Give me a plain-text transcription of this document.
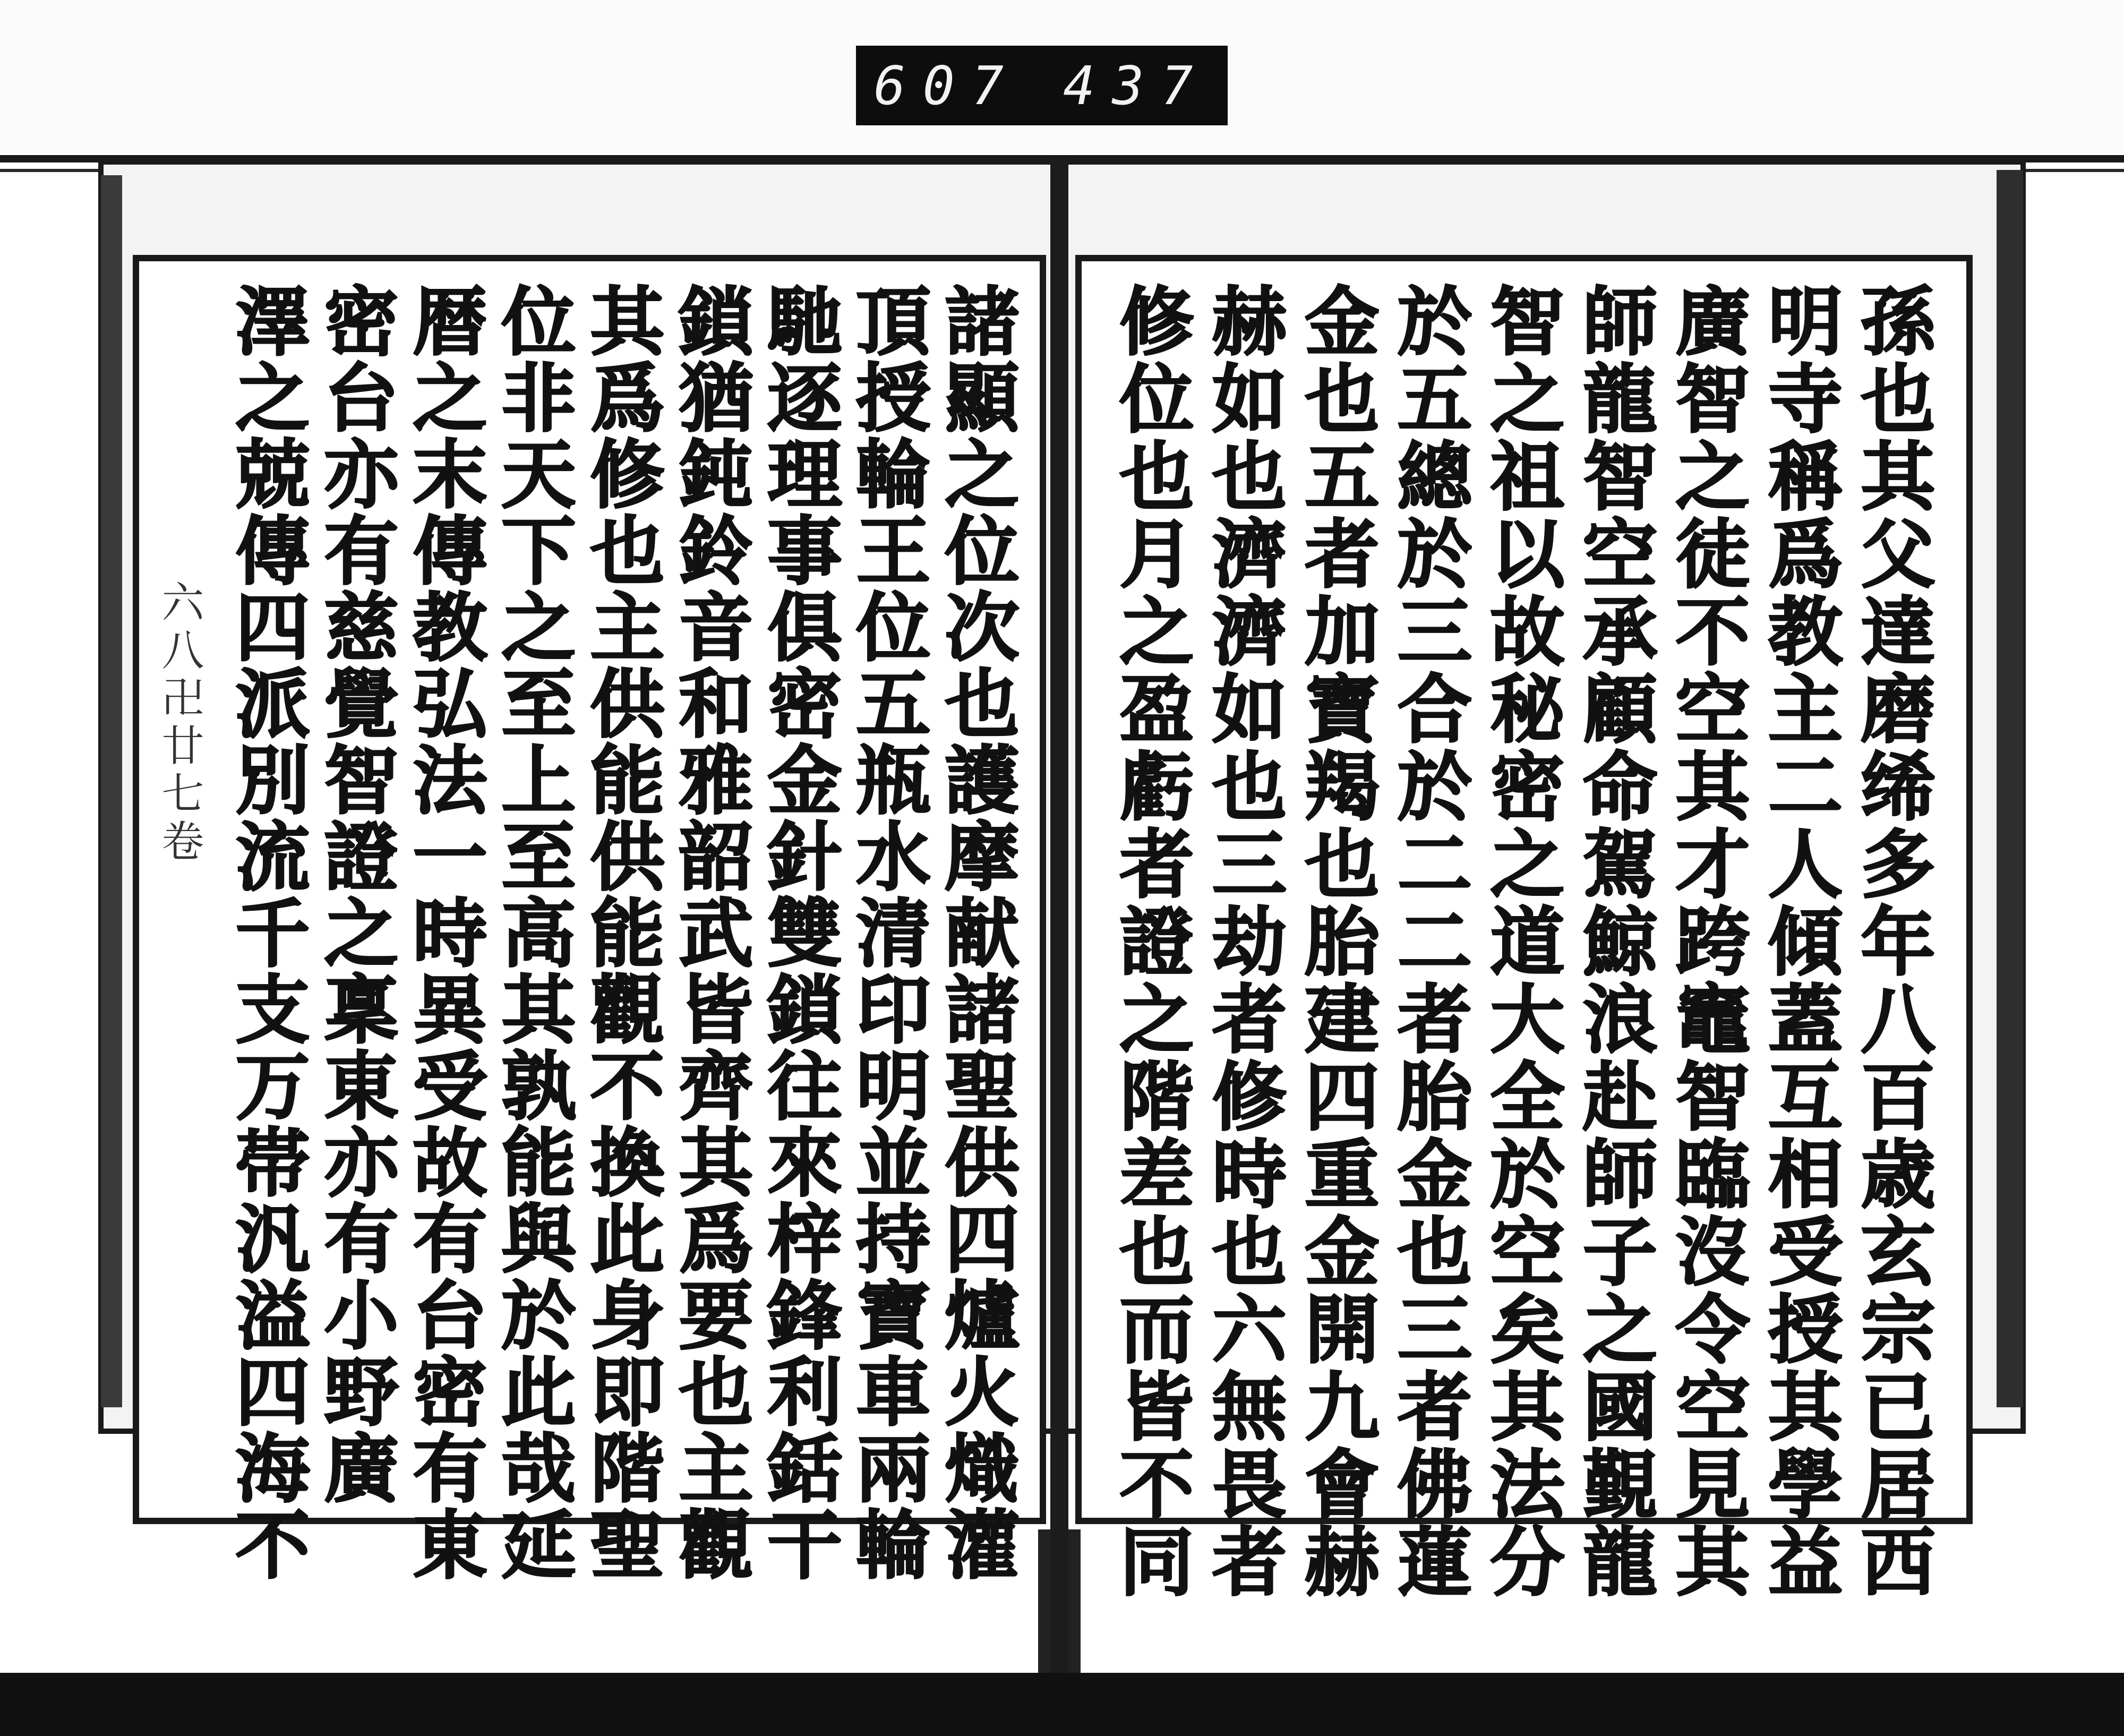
607 437
六八卍廿七卷	諸顯之位次也護摩献諸聖供四爐火熾灌
頂授輪王位五瓶水清印明並持寶車兩輪
馳逐理事俱密金針雙鎖往來梓鋒利銛干
鎖猶鈍鈴音和雅韶武皆齊其爲要也主觀
其爲修也主供能供能觀不換此身即階聖
位非天下之至上至高其孰能與於此哉延
暦之末傳教弘法一時異受故有台密有東
密台亦有慈覺智證之稟東亦有小野廣
澤之兢傳四派別流千支万帯汎溢四海不	孫也其父達磨𫄨多年八百歳玄宗已居西
明寺稱爲教主二人傾蓋互相受授其學益
廣智之徒不空其才跨竈智臨沒令空見其
師龍智空承顧命駕鯨浪赴師子之國覲龍
智之祖以故秘密之道大全於空矣其法分
於五總於三合於二二者胎金也三者佛蓮
金也五者加寶羯也胎建四重金開九會赫
赫如也濟濟如也三劫者修時也六無畏者
修位也月之盈虧者證之階差也而皆不同
